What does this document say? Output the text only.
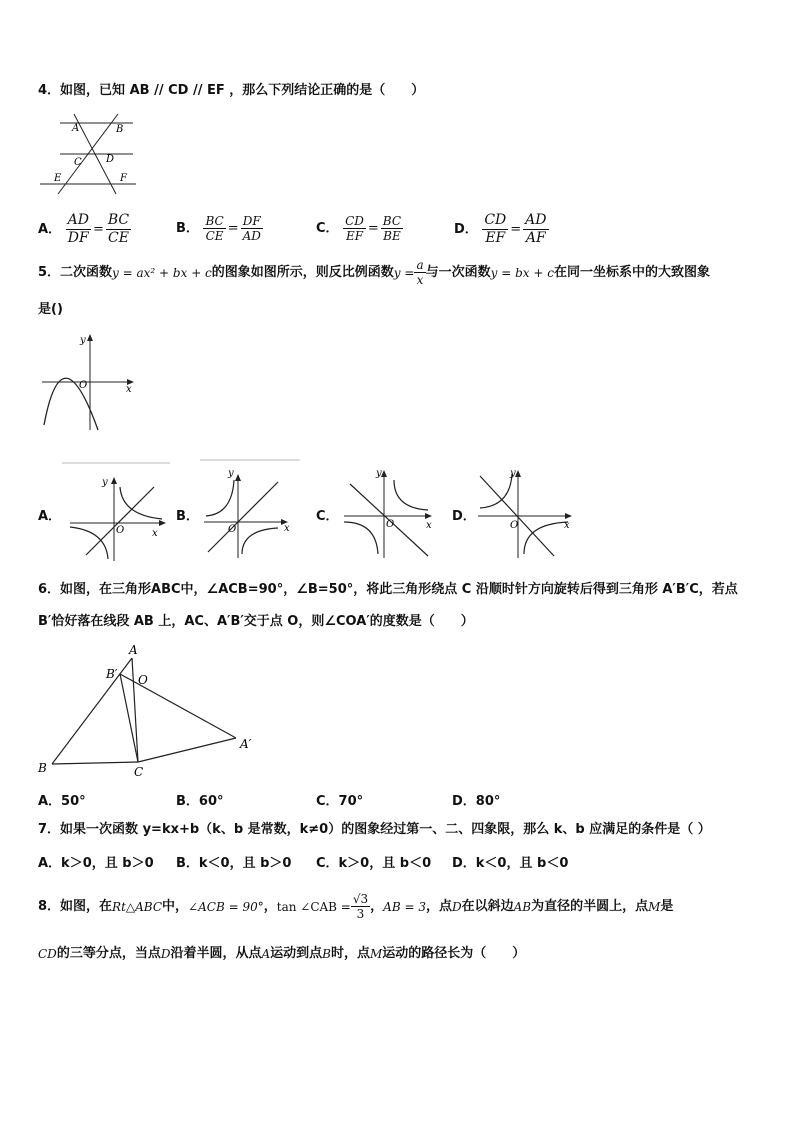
4．如图，已知 AB // CD // EF ，那么下列结论正确的是（　　）
A	B
C D
E	F
A． $\frac{AD}{DF} = \frac{BC}{CE}$	B． $\frac{BC}{CE} = \frac{DF}{AD}$	C． $\frac{CD}{EF} = \frac{BC}{BE}$	D． $\frac{CD}{EF} = \frac{AD}{AF}$
5．二次函数 y = ax² + bx + c 的图象如图所示，则反比例函数 $y = \frac{a}{x}$ 与一次函数 y = bx + c 在同一坐标系中的大致图象
是()
O	x
y
A．
O	x
y
B．
O	x
y
C．
O	x
y
D．
O	x
y
6．如图，在三角形ABC中，∠ACB=90°，∠B=50°，将此三角形绕点 C 沿顺时针方向旋转后得到三角形 A′B′C，若点
B′恰好落在线段 AB 上，AC、A′B′交于点 O，则∠COA′的度数是（　　）
A
B′ O
A′
B	C
A．50°	B．60°	C．70°	D．80°
7．如果一次函数 y=kx+b（k、b 是常数，k≠0）的图象经过第一、二、四象限，那么 k、b 应满足的条件是（ ）
A．k＞0，且 b＞0 B．k＜0，且 b＞0 C．k＞0，且 b＜0 D．k＜0，且 b＜0
8．如图，在 Rt△ABC 中， ∠ACB = 90° ， tan ∠CAB = $\frac{√3}{3}$ ， AB = 3 ，点 D 在以斜边 AB 为直径的半圆上，点 M 是
CD 的三等分点，当点 D 沿着半圆，从点 A 运动到点 B 时，点 M 运动的路径长为（　　）
